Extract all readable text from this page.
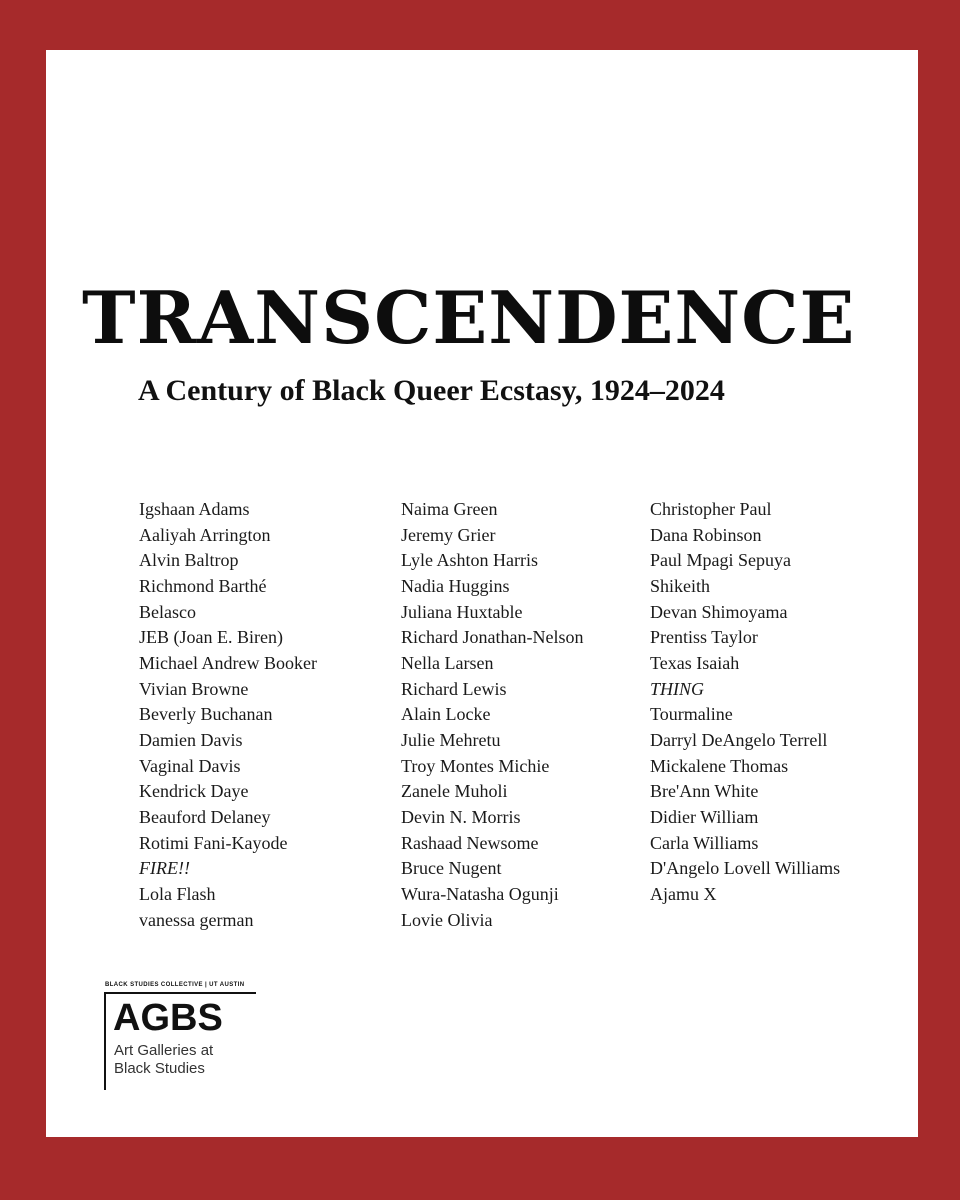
TRANSCENDENCE
A Century of Black Queer Ecstasy, 1924–2024
Igshaan Adams
Aaliyah Arrington
Alvin Baltrop
Richmond Barthé
Belasco
JEB (Joan E. Biren)
Michael Andrew Booker
Vivian Browne
Beverly Buchanan
Damien Davis
Vaginal Davis
Kendrick Daye
Beauford Delaney
Rotimi Fani-Kayode
FIRE!!
Lola Flash
vanessa german
Naima Green
Jeremy Grier
Lyle Ashton Harris
Nadia Huggins
Juliana Huxtable
Richard Jonathan-Nelson
Nella Larsen
Richard Lewis
Alain Locke
Julie Mehretu
Troy Montes Michie
Zanele Muholi
Devin N. Morris
Rashaad Newsome
Bruce Nugent
Wura-Natasha Ogunji
Lovie Olivia
Christopher Paul
Dana Robinson
Paul Mpagi Sepuya
Shikeith
Devan Shimoyama
Prentiss Taylor
Texas Isaiah
THING
Tourmaline
Darryl DeAngelo Terrell
Mickalene Thomas
Bre'Ann White
Didier William
Carla Williams
D'Angelo Lovell Williams
Ajamu X
BLACK STUDIES COLLECTIVE | UT AUSTIN
AGBS
Art Galleries at
Black Studies
